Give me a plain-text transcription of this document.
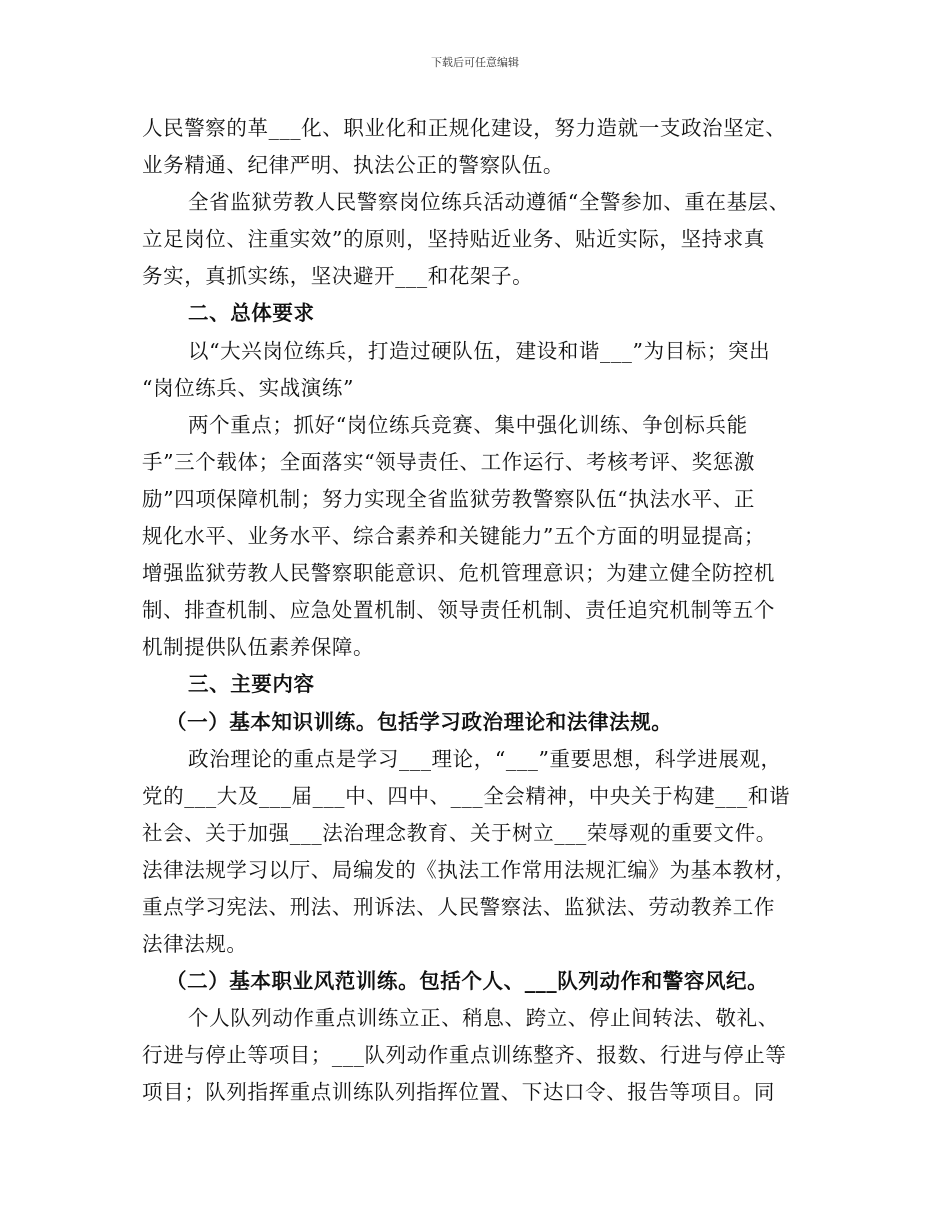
下载后可任意编辑
人民警察的革___化、职业化和正规化建设，努力造就一支政治坚定、
业务精通、纪律严明、执法公正的警察队伍。
全省监狱劳教人民警察岗位练兵活动遵循“全警参加、重在基层、
立足岗位、注重实效”的原则，坚持贴近业务、贴近实际，坚持求真
务实，真抓实练，坚决避开___和花架子。
二、总体要求
以“大兴岗位练兵，打造过硬队伍，建设和谐___”为目标；突出
“岗位练兵、实战演练”
两个重点；抓好“岗位练兵竞赛、集中强化训练、争创标兵能
手”三个载体；全面落实“领导责任、工作运行、考核考评、奖惩激
励”四项保障机制；努力实现全省监狱劳教警察队伍“执法水平、正
规化水平、业务水平、综合素养和关键能力”五个方面的明显提高；
增强监狱劳教人民警察职能意识、危机管理意识；为建立健全防控机
制、排查机制、应急处置机制、领导责任机制、责任追究机制等五个
机制提供队伍素养保障。
三、主要内容
（一）基本知识训练。包括学习政治理论和法律法规。
政治理论的重点是学习___理论，“___”重要思想，科学进展观，
党的___大及___届___中、四中、___全会精神，中央关于构建___和谐
社会、关于加强___法治理念教育、关于树立___荣辱观的重要文件。
法律法规学习以厅、局编发的《执法工作常用法规汇编》为基本教材，
重点学习宪法、刑法、刑诉法、人民警察法、监狱法、劳动教养工作
法律法规。
（二）基本职业风范训练。包括个人、___队列动作和警容风纪。
个人队列动作重点训练立正、稍息、跨立、停止间转法、敬礼、
行进与停止等项目；___队列动作重点训练整齐、报数、行进与停止等
项目；队列指挥重点训练队列指挥位置、下达口令、报告等项目。同
